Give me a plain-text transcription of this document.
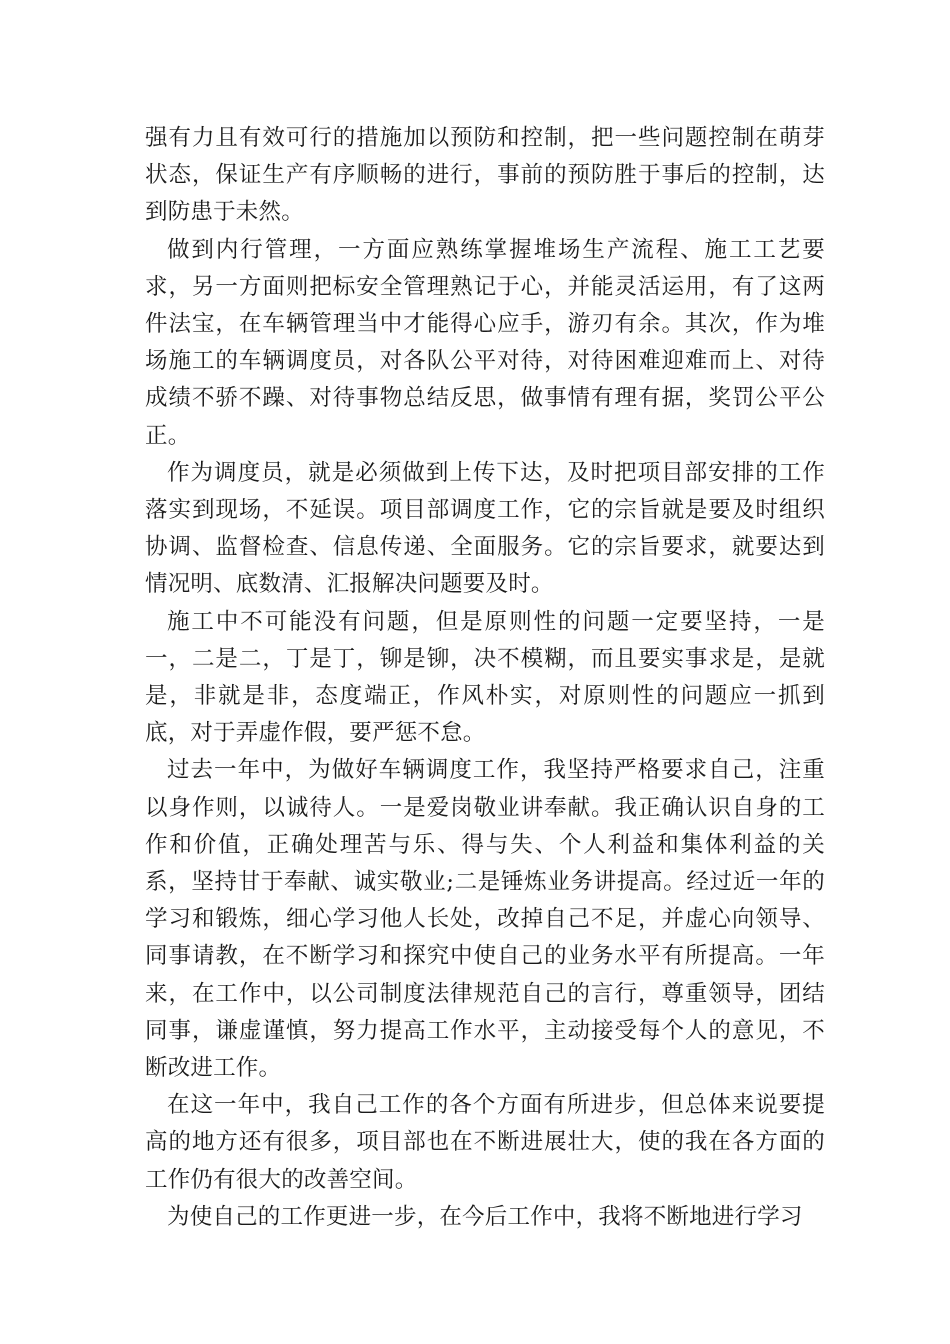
强有力且有效可行的措施加以预防和控制，把一些问题控制在萌芽状态，保证生产有序顺畅的进行，事前的预防胜于事后的控制，达到防患于未然。

做到内行管理，一方面应熟练掌握堆场生产流程、施工工艺要求，另一方面则把标安全管理熟记于心，并能灵活运用，有了这两件法宝，在车辆管理当中才能得心应手，游刃有余。其次，作为堆场施工的车辆调度员，对各队公平对待，对待困难迎难而上、对待成绩不骄不躁、对待事物总结反思，做事情有理有据，奖罚公平公正。

作为调度员，就是必须做到上传下达，及时把项目部安排的工作落实到现场，不延误。项目部调度工作，它的宗旨就是要及时组织协调、监督检查、信息传递、全面服务。它的宗旨要求，就要达到情况明、底数清、汇报解决问题要及时。

施工中不可能没有问题，但是原则性的问题一定要坚持，一是一，二是二，丁是丁，铆是铆，决不模糊，而且要实事求是，是就是，非就是非，态度端正，作风朴实，对原则性的问题应一抓到底，对于弄虚作假，要严惩不怠。

过去一年中，为做好车辆调度工作，我坚持严格要求自己，注重以身作则，以诚待人。一是爱岗敬业讲奉献。我正确认识自身的工作和价值，正确处理苦与乐、得与失、个人利益和集体利益的关系，坚持甘于奉献、诚实敬业;二是锤炼业务讲提高。经过近一年的学习和锻炼，细心学习他人长处，改掉自己不足，并虚心向领导、同事请教，在不断学习和探究中使自己的业务水平有所提高。一年来，在工作中，以公司制度法律规范自己的言行，尊重领导，团结同事，谦虚谨慎，努力提高工作水平，主动接受每个人的意见，不断改进工作。

在这一年中，我自己工作的各个方面有所进步，但总体来说要提高的地方还有很多，项目部也在不断进展壮大，使的我在各方面的工作仍有很大的改善空间。

为使自己的工作更进一步，在今后工作中，我将不断地进行学习
